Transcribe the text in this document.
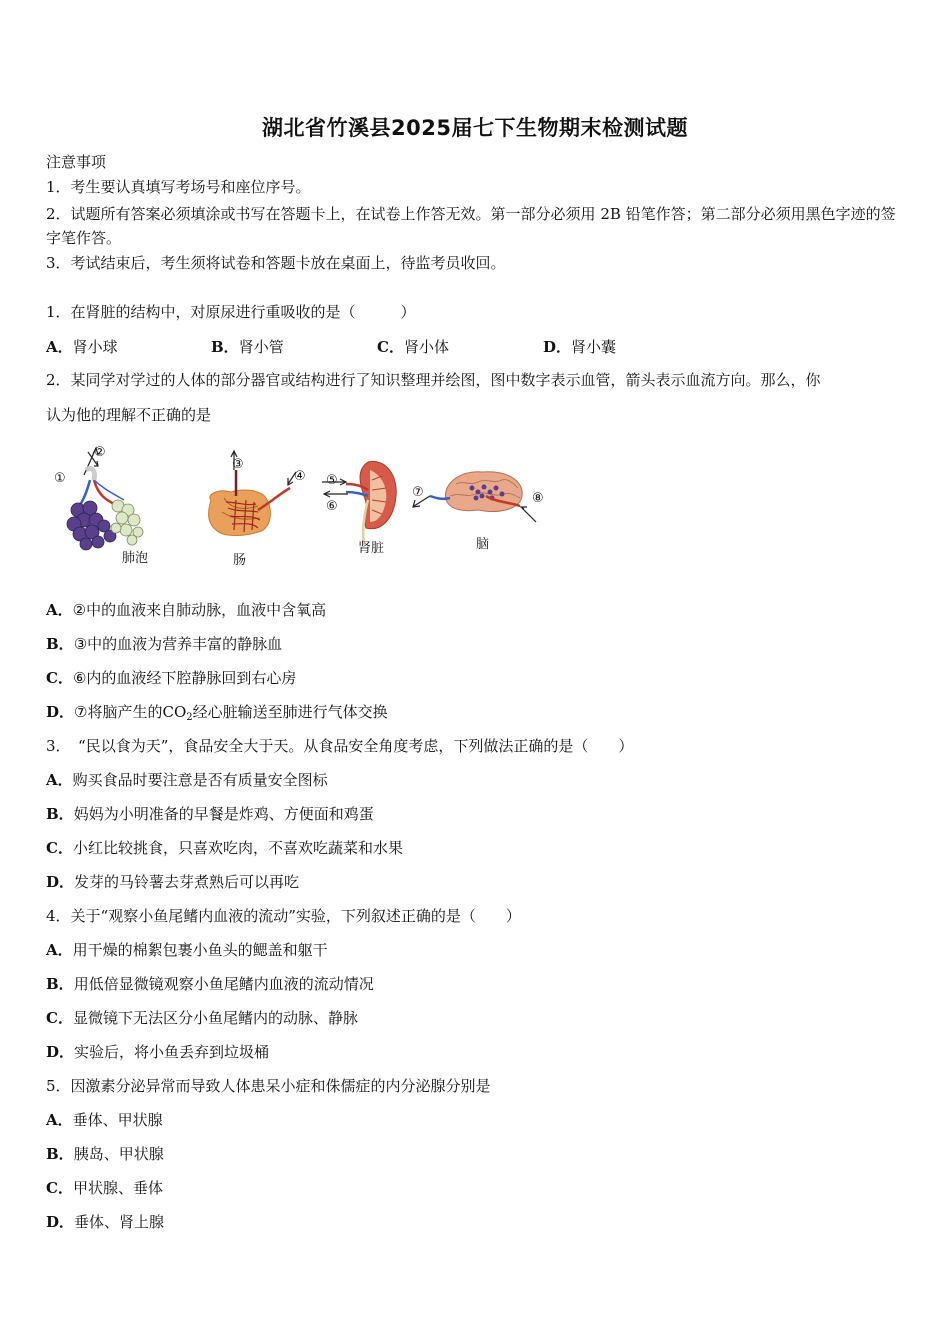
湖北省竹溪县2025届七下生物期末检测试题
注意事项
1．考生要认真填写考场号和座位序号。
2．试题所有答案必须填涂或书写在答题卡上，在试卷上作答无效。第一部分必须用 2B 铅笔作答；第二部分必须用黑色字迹的签字笔作答。
3．考试结束后，考生须将试卷和答题卡放在桌面上，待监考员收回。
1．在肾脏的结构中，对原尿进行重吸收的是（　　　）
A．肾小球	B．肾小管	C．肾小体	D．肾小囊
2．某同学对学过的人体的部分器官或结构进行了知识整理并绘图，图中数字表示血管，箭头表示血流方向。那么，你
认为他的理解不正确的是
①
②
③
④ ⑤
⑥
⑦	⑧
肺泡	肠
肾脏	脑
A．②中的血液来自肺动脉，血液中含氧高
B．③中的血液为营养丰富的静脉血
C．⑥内的血液经下腔静脉回到右心房
D．⑦将脑产生的$CO_2$经心脏输送至肺进行气体交换
3．　“民以食为天”，食品安全大于天。从食品安全角度考虑，下列做法正确的是（　　）
A．购买食品时要注意是否有质量安全图标
B．妈妈为小明准备的早餐是炸鸡、方便面和鸡蛋
C．小红比较挑食，只喜欢吃肉，不喜欢吃蔬菜和水果
D．发芽的马铃薯去芽煮熟后可以再吃
4．关于“观察小鱼尾鳍内血液的流动”实验，下列叙述正确的是（　　）
A．用干燥的棉絮包裹小鱼头的鳃盖和躯干
B．用低倍显微镜观察小鱼尾鳍内血液的流动情况
C．显微镜下无法区分小鱼尾鳍内的动脉、静脉
D．实验后，将小鱼丢弃到垃圾桶
5．因激素分泌异常而导致人体患呆小症和侏儒症的内分泌腺分别是
A．垂体、甲状腺
B．胰岛、甲状腺
C．甲状腺、垂体
D．垂体、肾上腺
